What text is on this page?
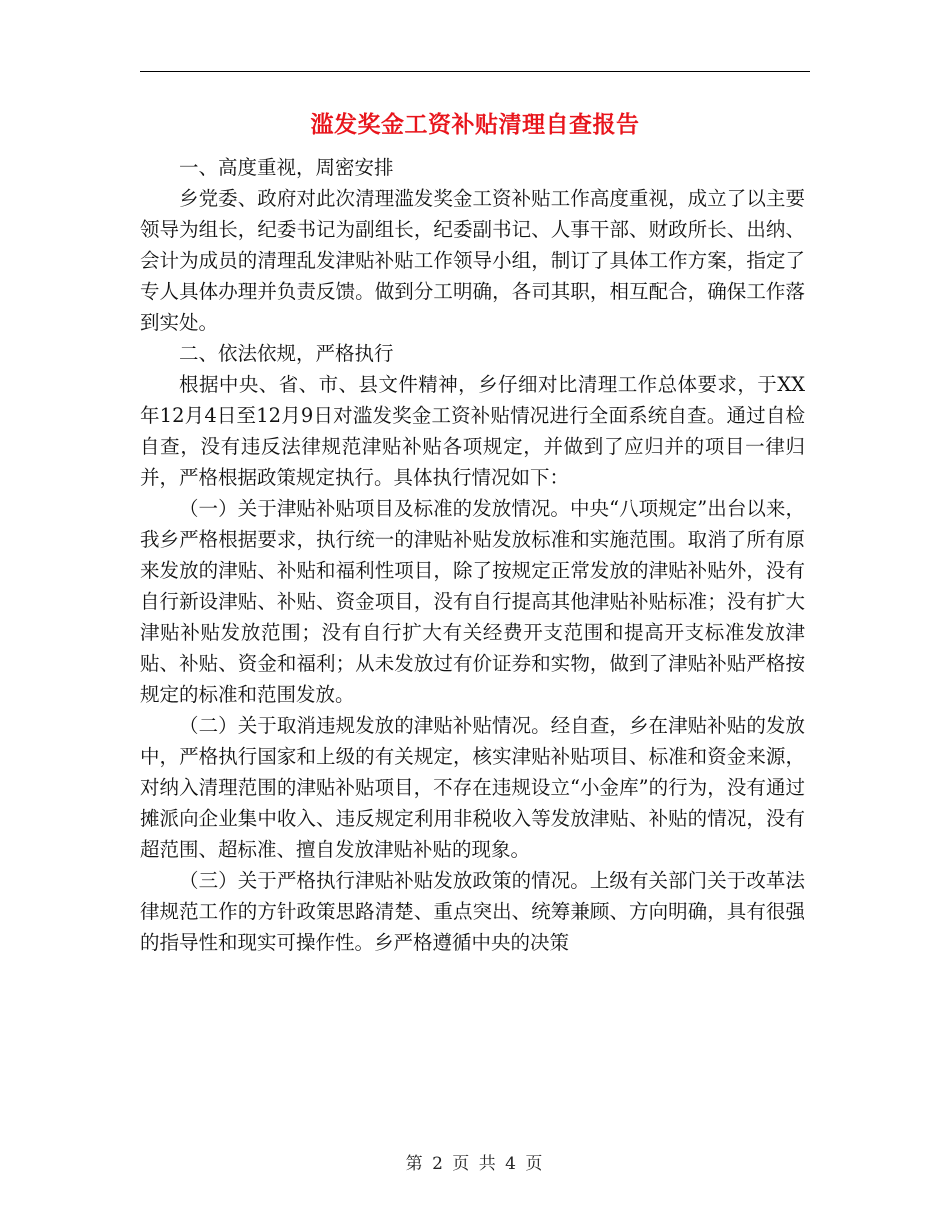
滥发奖金工资补贴清理自查报告

一、高度重视，周密安排

乡党委、政府对此次清理滥发奖金工资补贴工作高度重视，成立了以主要领导为组长，纪委书记为副组长，纪委副书记、人事干部、财政所长、出纳、会计为成员的清理乱发津贴补贴工作领导小组，制订了具体工作方案，指定了专人具体办理并负责反馈。做到分工明确，各司其职，相互配合，确保工作落到实处。

二、依法依规，严格执行

根据中央、省、市、县文件精神，乡仔细对比清理工作总体要求，于XX年12月4日至12月9日对滥发奖金工资补贴情况进行全面系统自查。通过自检自查，没有违反法律规范津贴补贴各项规定，并做到了应归并的项目一律归并，严格根据政策规定执行。具体执行情况如下：

（一）关于津贴补贴项目及标准的发放情况。中央“八项规定”出台以来，我乡严格根据要求，执行统一的津贴补贴发放标准和实施范围。取消了所有原来发放的津贴、补贴和福利性项目，除了按规定正常发放的津贴补贴外，没有自行新设津贴、补贴、资金项目，没有自行提高其他津贴补贴标准；没有扩大津贴补贴发放范围；没有自行扩大有关经费开支范围和提高开支标准发放津贴、补贴、资金和福利；从未发放过有价证券和实物，做到了津贴补贴严格按规定的标准和范围发放。

（二）关于取消违规发放的津贴补贴情况。经自查，乡在津贴补贴的发放中，严格执行国家和上级的有关规定，核实津贴补贴项目、标准和资金来源，对纳入清理范围的津贴补贴项目，不存在违规设立“小金库”的行为，没有通过摊派向企业集中收入、违反规定利用非税收入等发放津贴、补贴的情况，没有超范围、超标准、擅自发放津贴补贴的现象。

（三）关于严格执行津贴补贴发放政策的情况。上级有关部门关于改革法律规范工作的方针政策思路清楚、重点突出、统筹兼顾、方向明确，具有很强的指导性和现实可操作性。乡严格遵循中央的决策

第 2 页 共 4 页
